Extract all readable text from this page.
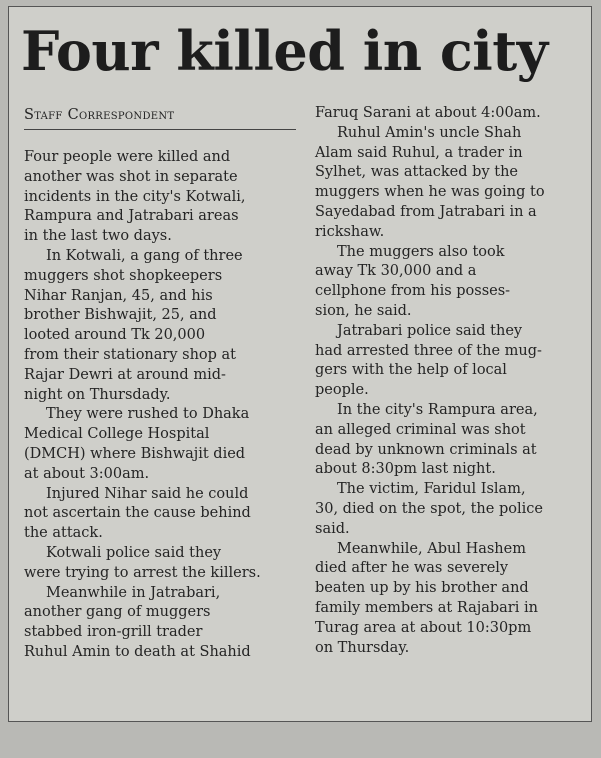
Four killed in city
Staff Correspondent

Four people were killed and
another was shot in separate
incidents in the city's Kotwali,
Rampura and Jatrabari areas
in the last two days.

In Kotwali, a gang of three
muggers shot shopkeepers
Nihar Ranjan, 45, and his
brother Bishwajit, 25, and
looted around Tk 20,000
from their stationary shop at
Rajar Dewri at around mid-
night on Thursdady.

They were rushed to Dhaka
Medical College Hospital
(DMCH) where Bishwajit died
at about 3:00am.

Injured Nihar said he could
not ascertain the cause behind
the attack.

Kotwali police said they
were trying to arrest the killers.

Meanwhile in Jatrabari,
another gang of muggers
stabbed iron-grill trader
Ruhul Amin to death at Shahid

Faruq Sarani at about 4:00am.

Ruhul Amin's uncle Shah
Alam said Ruhul, a trader in
Sylhet, was attacked by the
muggers when he was going to
Sayedabad from Jatrabari in a
rickshaw.

The muggers also took
away Tk 30,000 and a
cellphone from his posses-
sion, he said.

Jatrabari police said they
had arrested three of the mug-
gers with the help of local
people.

In the city's Rampura area,
an alleged criminal was shot
dead by unknown criminals at
about 8:30pm last night.

The victim, Faridul Islam,
30, died on the spot, the police
said.

Meanwhile, Abul Hashem
died after he was severely
beaten up by his brother and
family members at Rajabari in
Turag area at about 10:30pm
on Thursday.
